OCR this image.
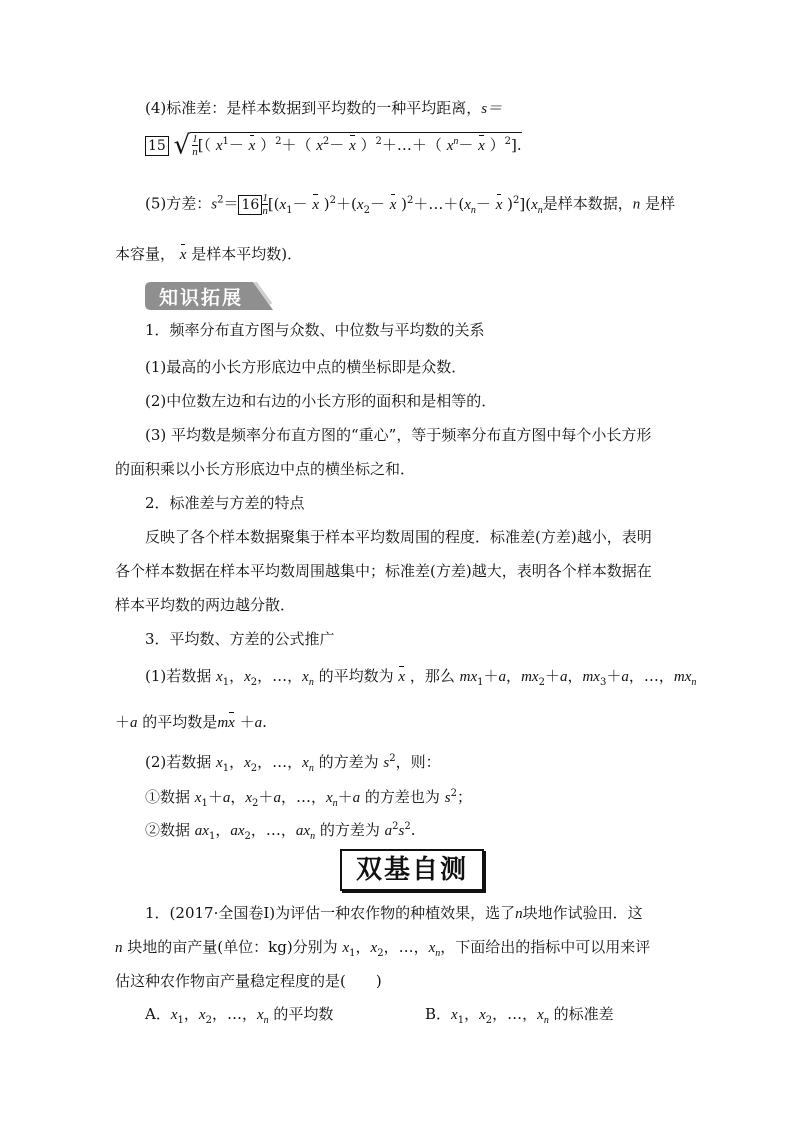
(4)标准差：是样本数据到平均数的一种平均距离，s＝
15 √ $\frac{1}{n}$ [（ $x^1- x$ ）$^2$＋（ $x^2- x$ ）$^2$＋…＋（ $x^n- x$ ）$^2$].
(5)方差：$s^2= 16 \frac{1}{n} [(x_1- x$ )$^2+(x_2- x$ )$^2+\dots+(x_n- x$ )$^2](x_n$是样本数据，n 是样
本容量， x 是样本平均数)．
知识拓展
1．频率分布直方图与众数、中位数与平均数的关系
(1)最高的小长方形底边中点的横坐标即是众数．
(2)中位数左边和右边的小长方形的面积和是相等的．
(3) 平均数是频率分布直方图的“重心”，等于频率分布直方图中每个小长方形
的面积乘以小长方形底边中点的横坐标之和．
2．标准差与方差的特点
反映了各个样本数据聚集于样本平均数周围的程度．标准差(方差)越小，表明
各个样本数据在样本平均数周围越集中；标准差(方差)越大，表明各个样本数据在
样本平均数的两边越分散．
3．平均数、方差的公式推广
(1)若数据 $x_1$，$x_2$，…，$x_n$ 的平均数为 x ，那么 $mx_1+a$，$mx_2+a$，$mx_3+a$，…，$mx_n$
＋a 的平均数是mx ＋a.
(2)若数据 $x_1$，$x_2$，…，$x_n$ 的方差为 $s^2$，则：
①数据 $x_1+a$，$x_2+a$，…，$x_n+a$ 的方差也为 $s^2$；
②数据 $ax_1$，$ax_2$，…，$ax_n$ 的方差为 $a^2s^2$.
双基自测
1．(2017·全国卷Ⅰ)为评估一种农作物的种植效果，选了n块地作试验田．这
n 块地的亩产量(单位：kg)分别为 $x_1$，$x_2$，…，$x_n$，下面给出的指标中可以用来评
估这种农作物亩产量稳定程度的是(　　)
A．$x_1$，$x_2$，…，$x_n$ 的平均数	B．$x_1$，$x_2$，…，$x_n$ 的标准差
